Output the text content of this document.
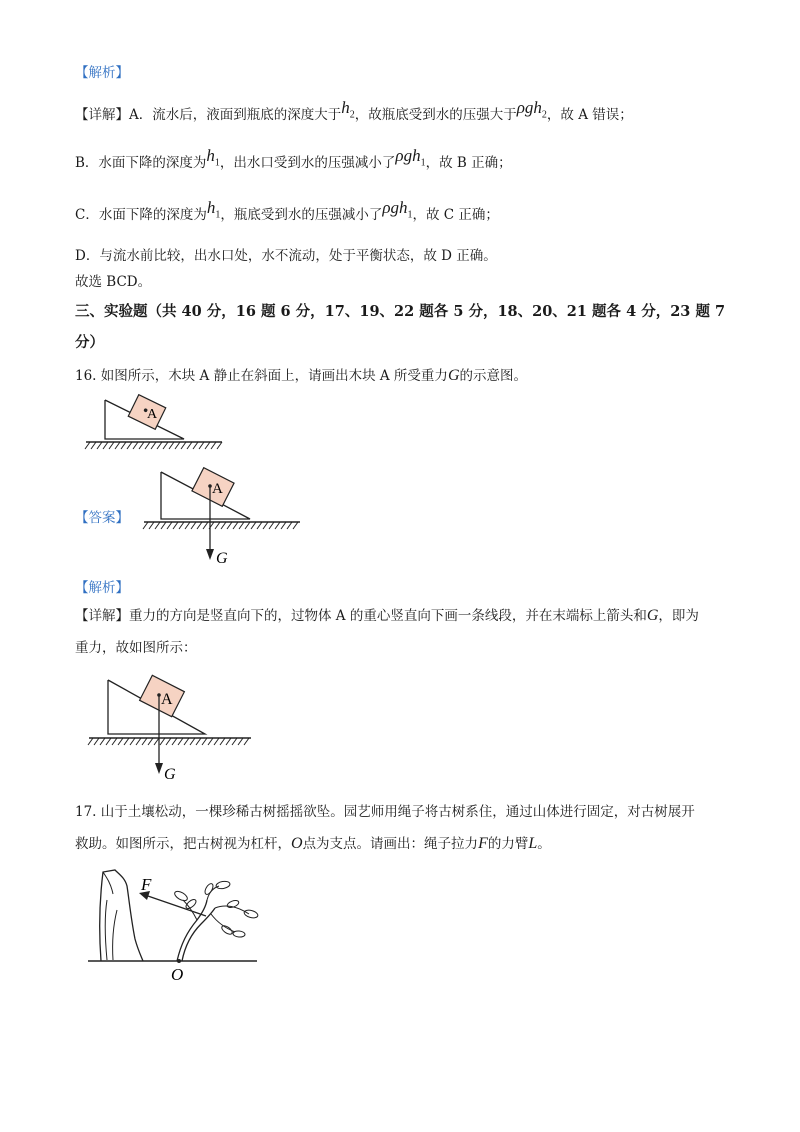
【解析】
【详解】A．流水后，液面到瓶底的深度大于$h_2$，故瓶底受到水的压强大于ρgh$_2$，故 A 错误；
B．水面下降的深度为$h_1$，出水口受到水的压强减小了ρgh$_1$，故 B 正确；
C．水面下降的深度为$h_1$，瓶底受到水的压强减小了ρgh$_1$，故 C 正确；
D．与流水前比较，出水口处，水不流动，处于平衡状态，故 D 正确。
故选 BCD。
三、实验题（共 40 分，16 题 6 分，17、19、22 题各 5 分，18、20、21 题各 4 分，23 题 7
分）
16. 如图所示，木块 A 静止在斜面上，请画出木块 A 所受重力G的示意图。
A
【答案】
A
G
【解析】
【详解】重力的方向是竖直向下的，过物体 A 的重心竖直向下画一条线段，并在末端标上箭头和G，即为
重力，故如图所示：
A
G
17. 山于土壤松动，一棵珍稀古树摇摇欲坠。园艺师用绳子将古树系住，通过山体进行固定，对古树展开
救助。如图所示，把古树视为杠杆，O点为支点。请画出：绳子拉力F的力臂L。
F
O
